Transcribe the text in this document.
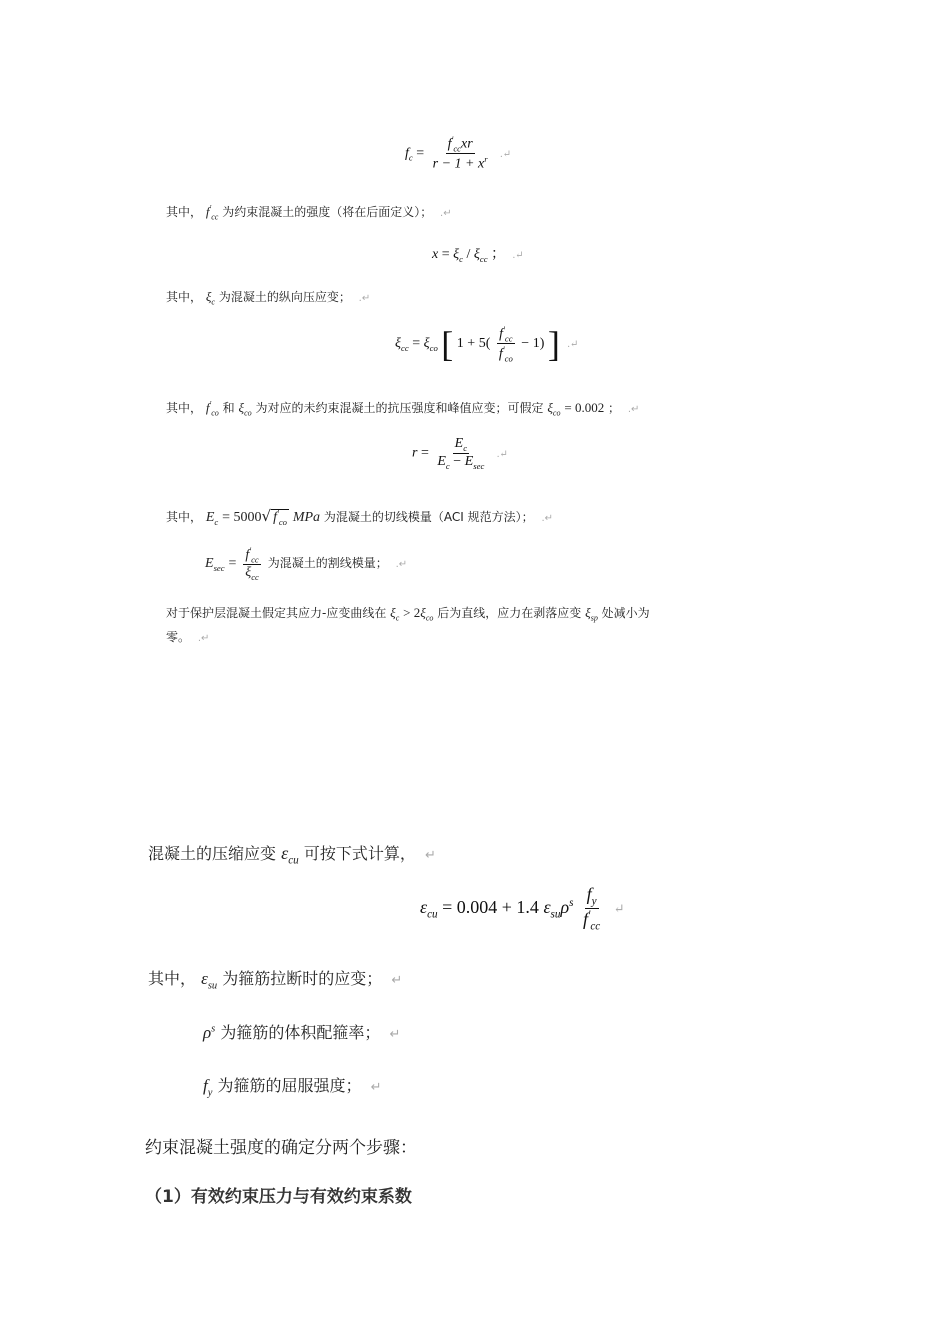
$f_c = \frac{f'_{cc}xr}{r - 1 + x^r}$ .↵
其中， $f'_{cc}$ 为约束混凝土的强度（将在后面定义）； .↵
$x = \xi_c / \xi_{cc}$ ； .↵
其中， $\xi_c$ 为混凝土的纵向压应变； .↵
$\xi_{cc} = \xi_{co}$ [ $1 + 5( \frac{f'_{cc}}{f'_{co}} - 1)$ ] .↵
其中， $f'_{co}$ 和 $\xi_{co}$ 为对应的未约束混凝土的抗压强度和峰值应变；可假定 $\xi_{co} = 0.002$ ； .↵
$r = \frac{E_c}{E_c - E_{sec}}$ .↵
其中， $E_c = 5000√$ $f'_{co}$ MPa 为混凝土的切线模量（ACI 规范方法）； .↵
$E_{sec} = \frac{f'_{cc}}{\xi_{cc}}$ 为混凝土的割线模量； .↵
对于保护层混凝土假定其应力-应变曲线在 $\xi_c > 2\xi_{co}$ 后为直线，应力在剥落应变 $\xi_{sp}$ 处减小为
零。 .↵
混凝土的压缩应变 $\varepsilon_{cu}$ 可按下式计算， ↵
$\varepsilon_{cu} = 0.004 + 1.4$ $\varepsilon_{su}\rho^s \frac{f_y}{f'_{cc}}$ ↵
其中， $\varepsilon_{su}$ 为箍筋拉断时的应变； ↵
$\rho^s$ 为箍筋的体积配箍率； ↵
$f_y$ 为箍筋的屈服强度； ↵
约束混凝土强度的确定分两个步骤：
（1）有效约束压力与有效约束系数
